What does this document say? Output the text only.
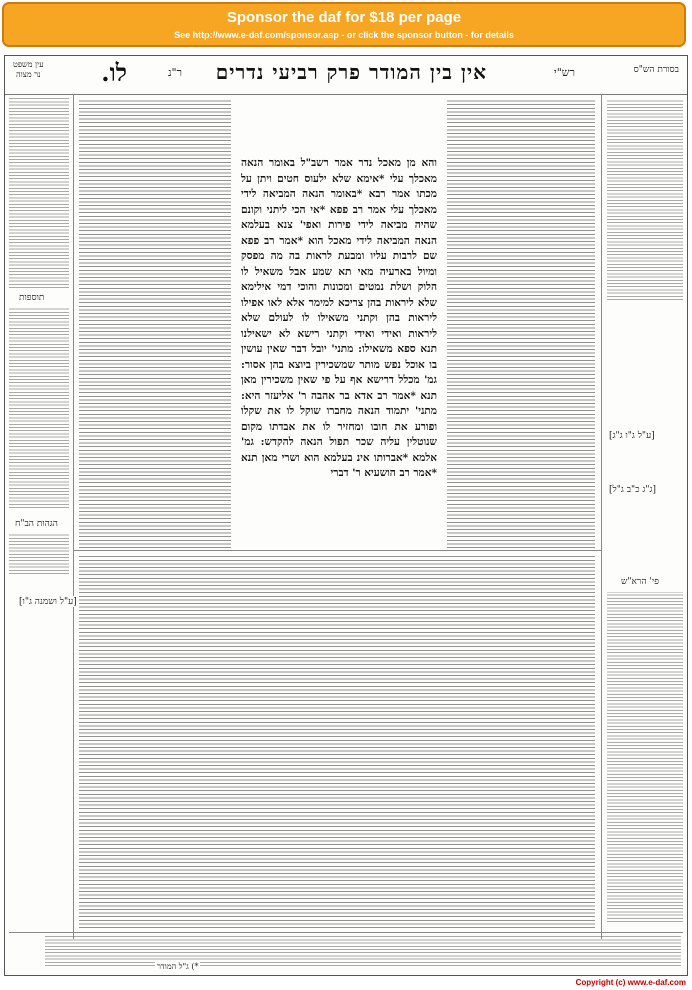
Sponsor the daf for $18 per page
See http://www.e-daf.com/sponsor.asp - or click the sponsor button - for details
בסורת הש"ס
רש"י
אין בין המודר פרק רביעי נדרים
ר"נ
לו.
עין משפט
נר מצוה
תוספות
הגהות הב"ח
[ע"ל ושמנה ג"ו]
והא מן מאכל נדר אמר רשב"ל באומר הנאה מאכלך עלי *אימא שלא ילעוס חטים ויתן על מכתו אמר רבא *באומר הנאה המביאה לידי מאכלך עלי אמר רב פפא *אי הכי ליתני וקונם שהיה מביאה לידי פירות ואפי' צנא בעלמא הנאה המביאה לידי מאכל הוא *אמר רב פפא שם לרבות עליו ומבעת לראות בה מה מפסק ומיול בארעיה מאי תא שמע אבל משאיל לו הלוק ושלת נמטים ומכונות והוכי דמי אילימא שלא ליראות בהן צריכא למימר אלא לאו אפילו ליראות בהן וקתני משאילו לו לעולם שלא ליראות ואידי ואידי וקתני רישא לא ישאילנו תנא ספא משאילו: מתני' יובל דבר שאין עושין בו אוכל נפש מותר שמשכירין ביוצא בהן אסור: גמ' מכלל דרישא אף על פי שאין משכירין מאן תנא *אמר רב אדא בר אהבה ר' אליעזר היא: מתני' יתמוד הנאה מחברו שוקל לו את שקלו ופורע את חובו ומחזיר לו את אבדתו מקום שנוטלין עליה שכר תפול הנאה להקדש: גמ' אלמא *אברותו אינ בעלמא הוא ושרי מאן תנא *אמר רב הושעיא ר' דברי
[ע"ל ג"ו ג"ג]
[ג"ג כ"ב ג"ל]
פי' הרא"ש
*) ג"ל המודר
Copyright (c) www.e-daf.com
